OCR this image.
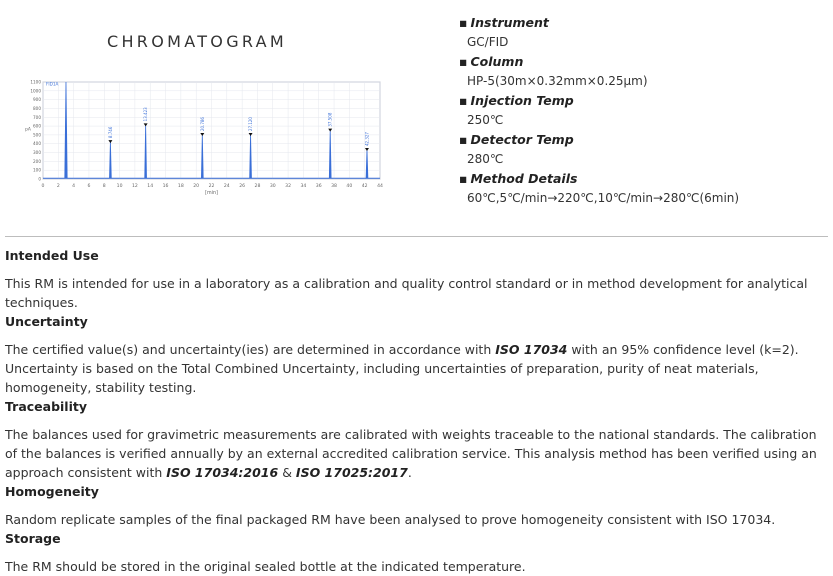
CHROMATOGRAM
1100
1000
900
800
700
600
500
400
300
200
100
0
0	2	4	6	8 10 12 14 16 18 20 22 24 26 28 30 32 34 36 38 40 42 44
[min]
pA
FID1A
8.746
13.423
20.786	27.120	37.508
42.327
▪ Instrument
GC/FID
▪ Column
HP-5(30m×0.32mm×0.25μm)
▪ Injection Temp
250℃
▪ Detector Temp
280℃
▪ Method Details
60℃,5℃/min→220℃,10℃/min→280℃(6min)

Intended Use

This RM is intended for use in a laboratory as a calibration and quality control standard or in method development for analytical techniques.

Uncertainty

The certified value(s) and uncertainty(ies) are determined in accordance with ISO 17034 with an 95% confidence level (k=2). Uncertainty is based on the Total Combined Uncertainty, including uncertainties of preparation, purity of neat materials, homogeneity, stability testing.

Traceability

The balances used for gravimetric measurements are calibrated with weights traceable to the national standards. The calibration of the balances is verified annually by an external accredited calibration service. This analysis method has been verified using an approach consistent with ISO 17034:2016 & ISO 17025:2017.

Homogeneity

Random replicate samples of the final packaged RM have been analysed to prove homogeneity consistent with ISO 17034.

Storage

The RM should be stored in the original sealed bottle at the indicated temperature.
